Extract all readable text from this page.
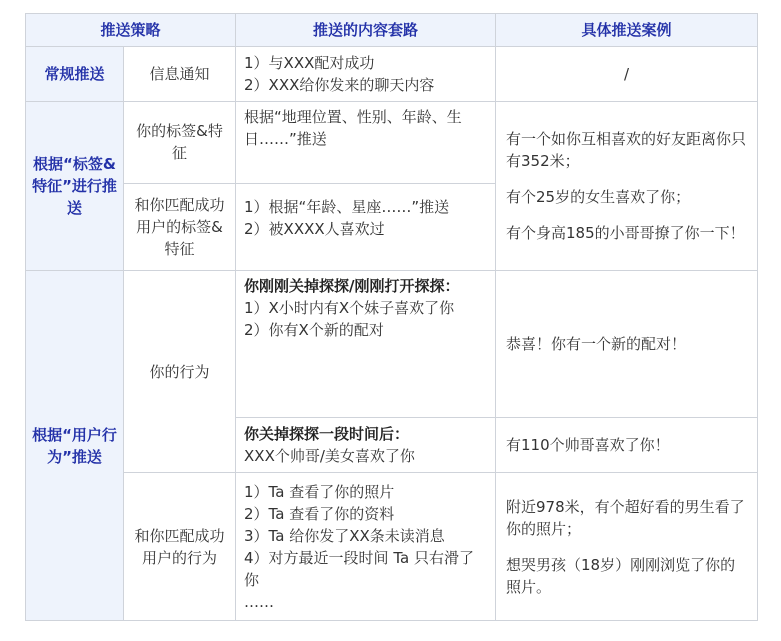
推送策略		推送的内容套路	具体推送案例
常规推送	信息通知	1）与XXX配对成功
2）XXX给你发来的聊天内容	/
根据“标签&特征”进行推送	你的标签&特征	根据“地理位置、性别、年龄、生日……”推送	有一个如你互相喜欢的好友距离你只有352米；
有个25岁的女生喜欢了你；
有个身高185的小哥哥撩了你一下！

	和你匹配成功用户的标签&特征	1）根据“年龄、星座……”推送
2）被XXXX人喜欢过	

根据“用户行为”推送	你的行为	你刚刚关掉探探/刚刚打开探探：
1）X小时内有X个妹子喜欢了你
2）你有X个新的配对	恭喜！你有一个新的配对！

		你关掉探探一段时间后：
XXX个帅哥/美女喜欢了你	有110个帅哥喜欢了你！
	和你匹配成功用户的行为	1）Ta 查看了你的照片
2）Ta 查看了你的资料
3）Ta 给你发了XX条未读消息
4）对方最近一段时间 Ta 只右滑了你
……	附近978米，有个超好看的男生看了你的照片；
想哭男孩（18岁）刚刚浏览了你的照片。
